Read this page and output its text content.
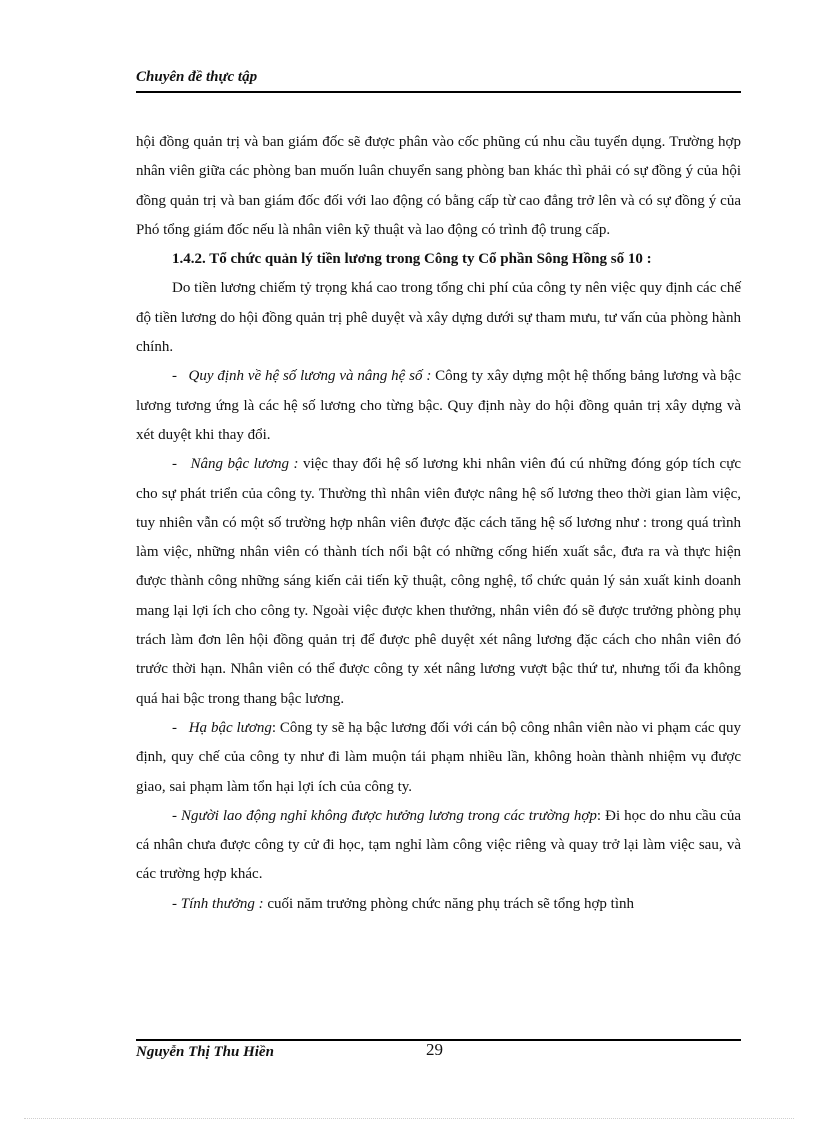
Chuyên đề thực tập

hội đồng quản trị và ban giám đốc sẽ được phân vào cốc phũng cú nhu cầu tuyển dụng. Trường hợp nhân viên giữa các phòng ban muốn luân chuyển sang phòng ban khác thì phải có sự đồng ý của hội đồng quản trị và ban giám đốc đối với lao động có bằng cấp từ cao đẳng trở lên và có sự đồng ý của Phó tổng giám đốc nếu là nhân viên kỹ thuật và lao động có trình độ trung cấp.

1.4.2. Tổ chức quản lý tiền lương trong Công ty Cổ phần Sông Hồng số 10 :

Do tiền lương chiếm tỷ trọng khá cao trong tổng chi phí của công ty nên việc quy định các chế độ tiền lương do hội đồng quản trị phê duyệt và xây dựng dưới sự tham mưu, tư vấn của phòng hành chính.

-   Quy định về hệ số lương và nâng hệ số : Công ty xây dựng một hệ thống bảng lương và bậc lương tương ứng là các hệ số lương cho từng bậc. Quy định này do hội đồng quản trị xây dựng và xét duyệt khi thay đổi.

-   Nâng bậc lương : việc thay đổi hệ số lương khi nhân viên đú cú những đóng góp tích cực cho sự phát triển của công ty. Thường thì nhân viên được nâng hệ số lương theo thời gian làm việc, tuy nhiên vẫn có một số trường hợp nhân viên được đặc cách tăng hệ số lương như : trong quá trình làm việc, những nhân viên có thành tích nổi bật có những cống hiến xuất sắc, đưa ra và thực hiện được thành công những sáng kiến cải tiến kỹ thuật, công nghệ, tổ chức quản lý sản xuất kinh doanh mang lại lợi ích cho công ty. Ngoài việc được khen thưởng, nhân viên đó sẽ được trưởng phòng phụ trách làm đơn lên hội đồng quản trị để được phê duyệt xét nâng lương đặc cách cho nhân viên đó trước thời hạn. Nhân viên có thể được công ty xét nâng lương vượt bậc thứ tư, nhưng tối đa không quá hai bậc trong thang bậc lương.

-   Hạ bậc lương: Công ty sẽ hạ bậc lương đối với cán bộ công nhân viên nào vi phạm các quy định, quy chế của công ty như đi làm muộn tái phạm nhiều lần, không hoàn thành nhiệm vụ được giao, sai phạm làm tổn hại lợi ích của công ty.

- Người lao động nghỉ không được hưởng lương trong các trường hợp: Đi học do nhu cầu của cá nhân chưa được công ty cử đi học, tạm nghỉ làm công việc riêng và quay trở lại làm việc sau, và các trường hợp khác.

- Tính thưởng : cuối năm trưởng phòng chức năng phụ trách sẽ tổng hợp tình

Nguyễn Thị Thu Hiền	29
